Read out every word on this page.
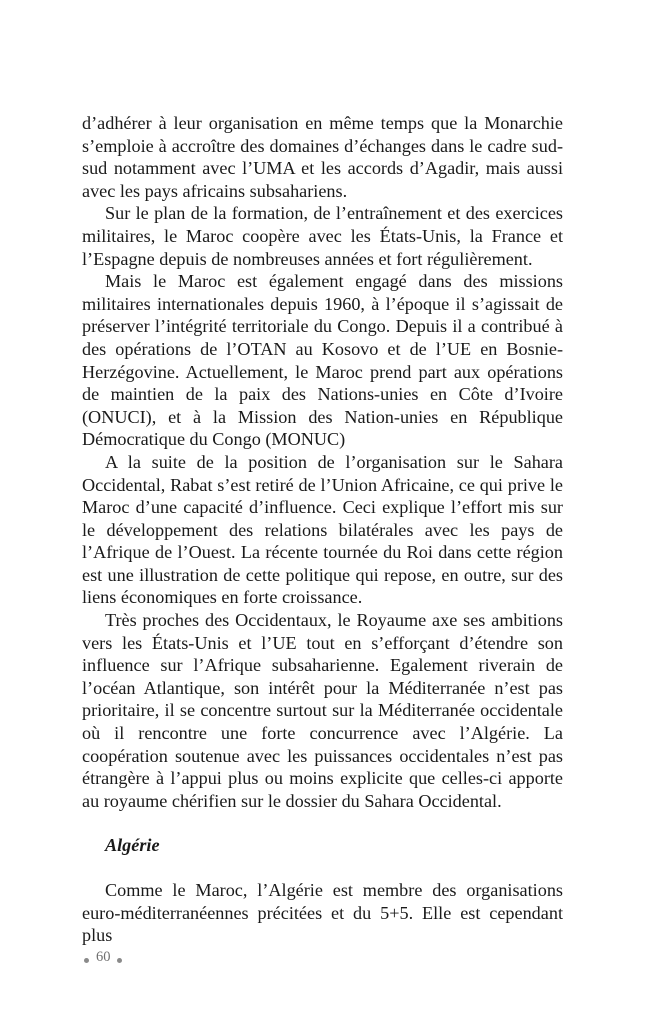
d’adhérer à leur organisation en même temps que la Monarchie s’emploie à accroître des domaines d’échanges dans le cadre sud-sud notamment avec l’UMA et les accords d’Agadir, mais aussi avec les pays africains subsahariens.

Sur le plan de la formation, de l’entraînement et des exercices militaires, le Maroc coopère avec les États-Unis, la France et l’Espagne depuis de nombreuses années et fort régulièrement.

Mais le Maroc est également engagé dans des missions militaires internationales depuis 1960, à l’époque il s’agissait de préserver l’intégrité territoriale du Congo. Depuis il a contribué à des opérations de l’OTAN au Kosovo et de l’UE en Bosnie-Herzégovine. Actuellement, le Maroc prend part aux opérations de maintien de la paix des Nations-unies en Côte d’Ivoire (ONUCI), et à la Mission des Nation-unies en République Démocratique du Congo (MONUC)

A la suite de la position de l’organisation sur le Sahara Occidental, Rabat s’est retiré de l’Union Africaine, ce qui prive le Maroc d’une capacité d’influence. Ceci explique l’effort mis sur le développement des relations bilatérales avec les pays de l’Afrique de l’Ouest. La récente tournée du Roi dans cette région est une illustration de cette politique qui repose, en outre, sur des liens économiques en forte croissance.

Très proches des Occidentaux, le Royaume axe ses ambitions vers les États-Unis et l’UE tout en s’efforçant d’étendre son influence sur l’Afrique subsaharienne. Egalement riverain de l’océan Atlantique, son intérêt pour la Méditerranée n’est pas prioritaire, il se concentre surtout sur la Méditerranée occidentale où il rencontre une forte concurrence avec l’Algérie. La coopération soutenue avec les puissances occidentales n’est pas étrangère à l’appui plus ou moins explicite que celles-ci apporte au royaume chérifien sur le dossier du Sahara Occidental.

Algérie

Comme le Maroc, l’Algérie est membre des organisations euro-méditerranéennes précitées et du 5+5. Elle est cependant plus

60
